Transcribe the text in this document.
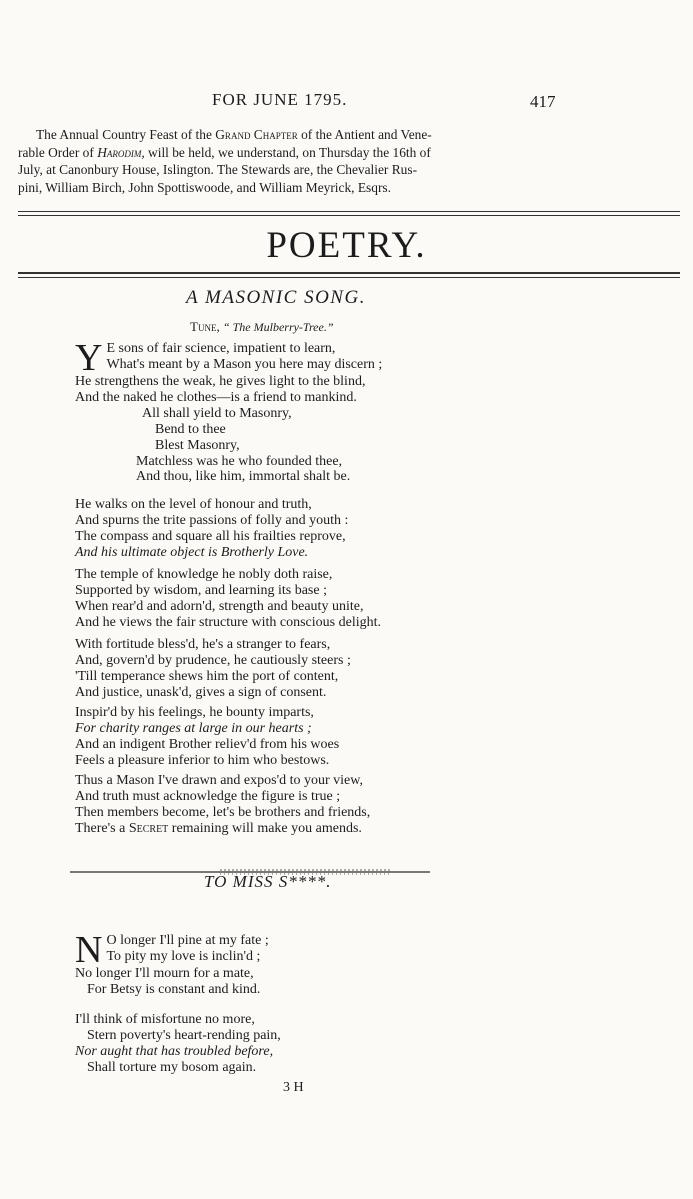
FOR JUNE 1795.	417

The Annual Country Feast of the Grand Chapter of the Antient and Vene-

rable Order of Harodim, will be held, we understand, on Thursday the 16th of

July, at Canonbury House, Islington. The Stewards are, the Chevalier Rus-

pini, William Birch, John Spottiswoode, and William Meyrick, Esqrs.

POETRY.
A MASONIC SONG.
Tune, “ The Mulberry-Tree.”
Y E sons of fair science, impatient to learn,
What's meant by a Mason you here may discern ;
He strengthens the weak, he gives light to the blind,
And the naked he clothes—is a friend to mankind.
All shall yield to Masonry,
Bend to thee
Blest Masonry,
Matchless was he who founded thee,
And thou, like him, immortal shalt be.
He walks on the level of honour and truth,
And spurns the trite passions of folly and youth :
The compass and square all his frailties reprove,
And his ultimate object is Brotherly Love.
The temple of knowledge he nobly doth raise,
Supported by wisdom, and learning its base ;
When rear'd and adorn'd, strength and beauty unite,
And he views the fair structure with conscious delight.
With fortitude bless'd, he's a stranger to fears,
And, govern'd by prudence, he cautiously steers ;
'Till temperance shews him the port of content,
And justice, unask'd, gives a sign of consent.
Inspir'd by his feelings, he bounty imparts,
For charity ranges at large in our hearts ;
And an indigent Brother reliev'd from his woes
Feels a pleasure inferior to him who bestows.
Thus a Mason I've drawn and expos'd to your view,
And truth must acknowledge the figure is true ;
Then members become, let's be brothers and friends,
There's a Secret remaining will make you amends.
TO MISS S****.
N O longer I'll pine at my fate ;
To pity my love is inclin'd ;
No longer I'll mourn for a mate,
For Betsy is constant and kind.
I'll think of misfortune no more,
Stern poverty's heart-rending pain,
Nor aught that has troubled before,
Shall torture my bosom again.
3 H
